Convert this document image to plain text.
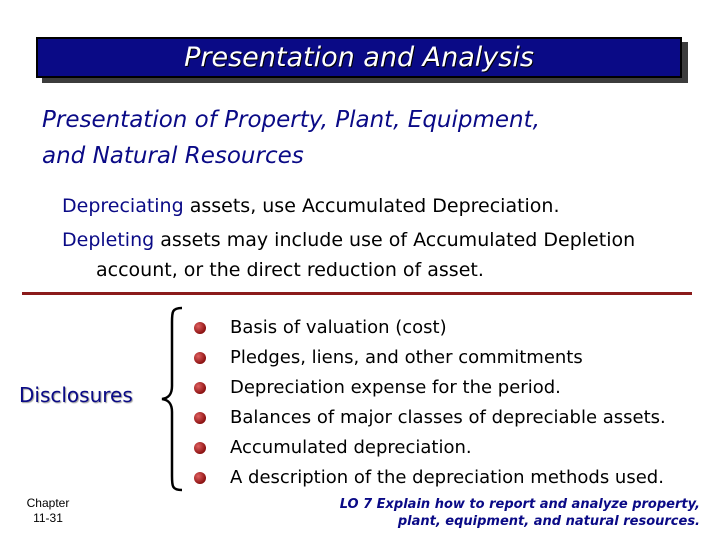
Presentation and Analysis
Presentation of Property, Plant, Equipment,
and Natural Resources
Depreciating assets, use Accumulated Depreciation.
Depleting assets may include use of Accumulated Depletion
account, or the direct reduction of asset.
Disclosures
Basis of valuation (cost)
Pledges, liens, and other commitments
Depreciation expense for the period.
Balances of major classes of depreciable assets.
Accumulated depreciation.
A description of the depreciation methods used.
Chapter
11-31
LO 7 Explain how to report and analyze property,
plant, equipment, and natural resources.
